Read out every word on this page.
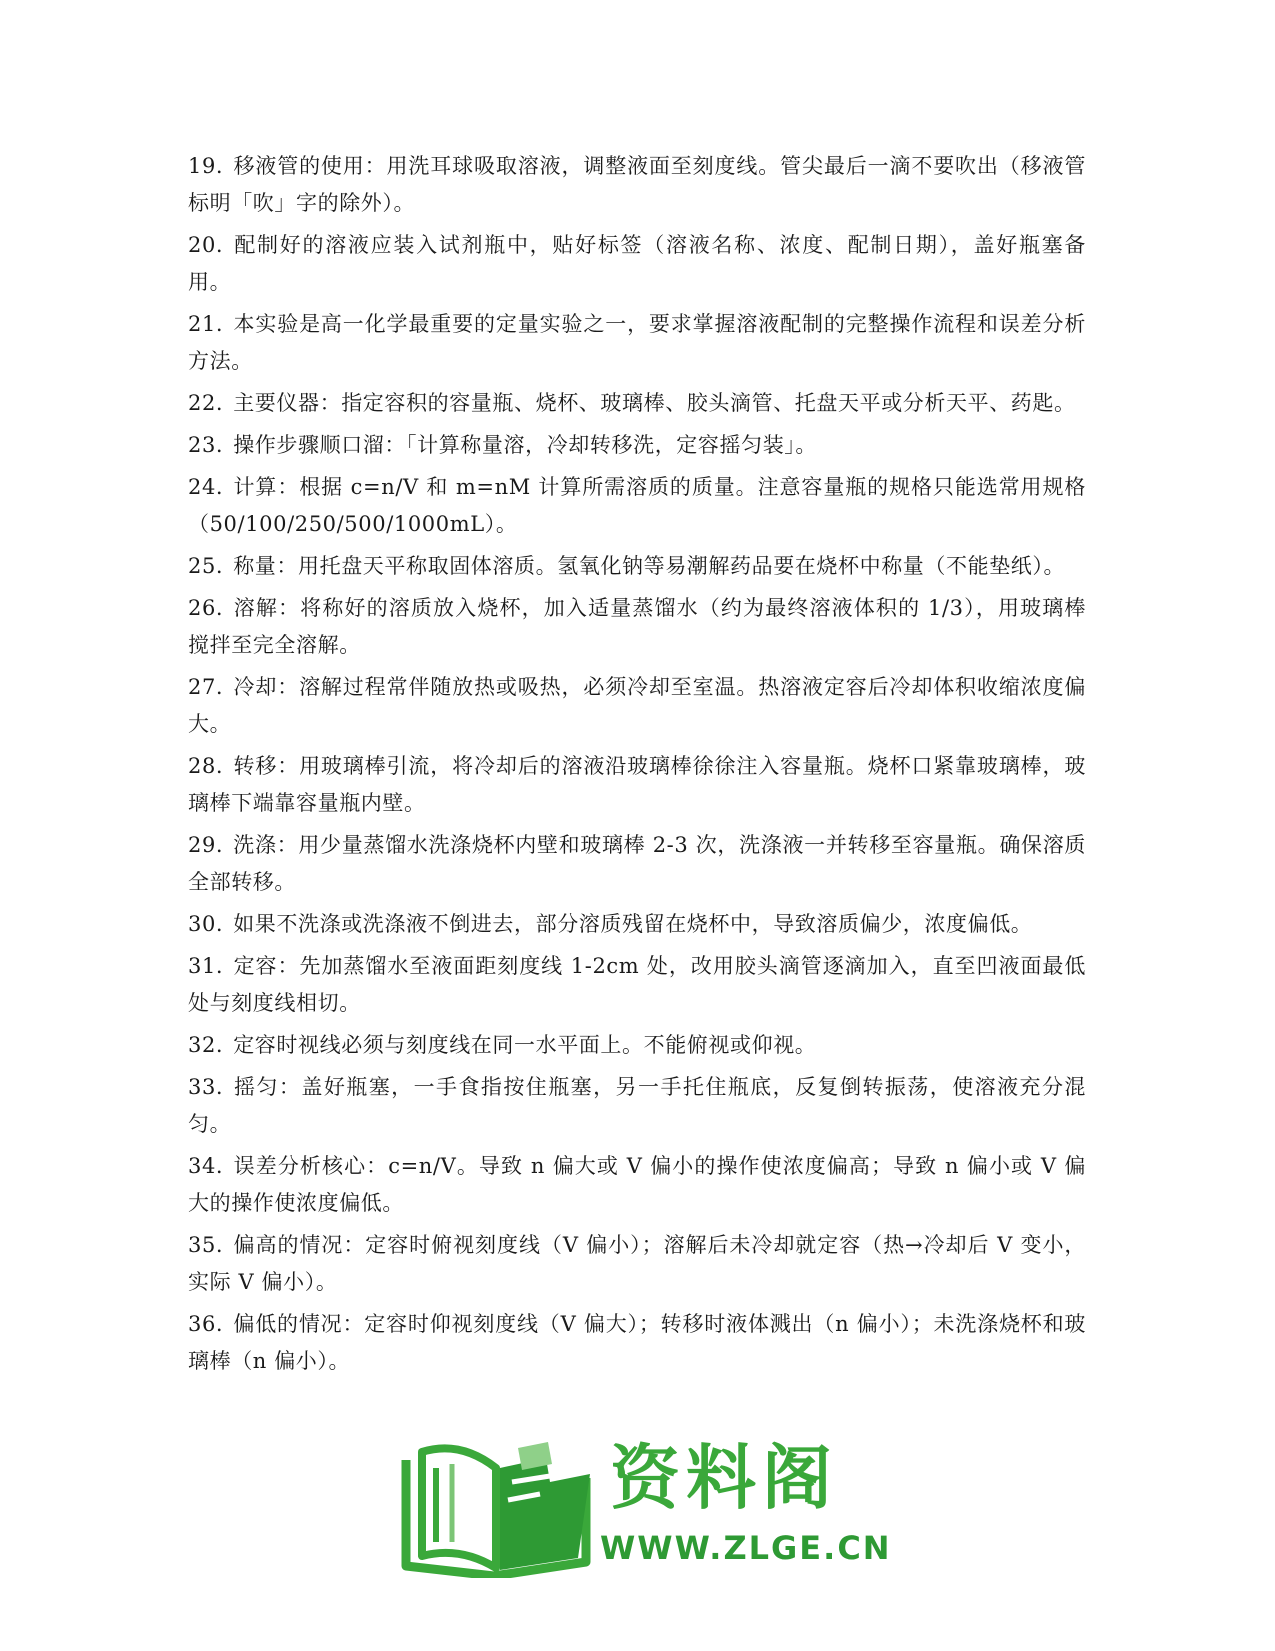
19. 移液管的使用：用洗耳球吸取溶液，调整液面至刻度线。管尖最后一滴不要吹出（移液管标明「吹」字的除外）。

20. 配制好的溶液应装入试剂瓶中，贴好标签（溶液名称、浓度、配制日期），盖好瓶塞备用。

21. 本实验是高一化学最重要的定量实验之一，要求掌握溶液配制的完整操作流程和误差分析方法。

22. 主要仪器：指定容积的容量瓶、烧杯、玻璃棒、胶头滴管、托盘天平或分析天平、药匙。

23. 操作步骤顺口溜：「计算称量溶，冷却转移洗，定容摇匀装」。

24. 计算：根据 c=n/V 和 m=nM 计算所需溶质的质量。注意容量瓶的规格只能选常用规格（50/100/250/500/1000mL）。

25. 称量：用托盘天平称取固体溶质。氢氧化钠等易潮解药品要在烧杯中称量（不能垫纸）。

26. 溶解：将称好的溶质放入烧杯，加入适量蒸馏水（约为最终溶液体积的 1/3），用玻璃棒搅拌至完全溶解。

27. 冷却：溶解过程常伴随放热或吸热，必须冷却至室温。热溶液定容后冷却体积收缩浓度偏大。

28. 转移：用玻璃棒引流，将冷却后的溶液沿玻璃棒徐徐注入容量瓶。烧杯口紧靠玻璃棒，玻璃棒下端靠容量瓶内壁。

29. 洗涤：用少量蒸馏水洗涤烧杯内壁和玻璃棒 2-3 次，洗涤液一并转移至容量瓶。确保溶质全部转移。

30. 如果不洗涤或洗涤液不倒进去，部分溶质残留在烧杯中，导致溶质偏少，浓度偏低。

31. 定容：先加蒸馏水至液面距刻度线 1-2cm 处，改用胶头滴管逐滴加入，直至凹液面最低处与刻度线相切。

32. 定容时视线必须与刻度线在同一水平面上。不能俯视或仰视。

33. 摇匀：盖好瓶塞，一手食指按住瓶塞，另一手托住瓶底，反复倒转振荡，使溶液充分混匀。

34. 误差分析核心：c=n/V。导致 n 偏大或 V 偏小的操作使浓度偏高；导致 n 偏小或 V 偏大的操作使浓度偏低。

35. 偏高的情况：定容时俯视刻度线（V 偏小）；溶解后未冷却就定容（热→冷却后 V 变小，实际 V 偏小）。

36. 偏低的情况：定容时仰视刻度线（V 偏大）；转移时液体溅出（n 偏小）；未洗涤烧杯和玻璃棒（n 偏小）。

资料阁
WWW.ZLGE.CN
